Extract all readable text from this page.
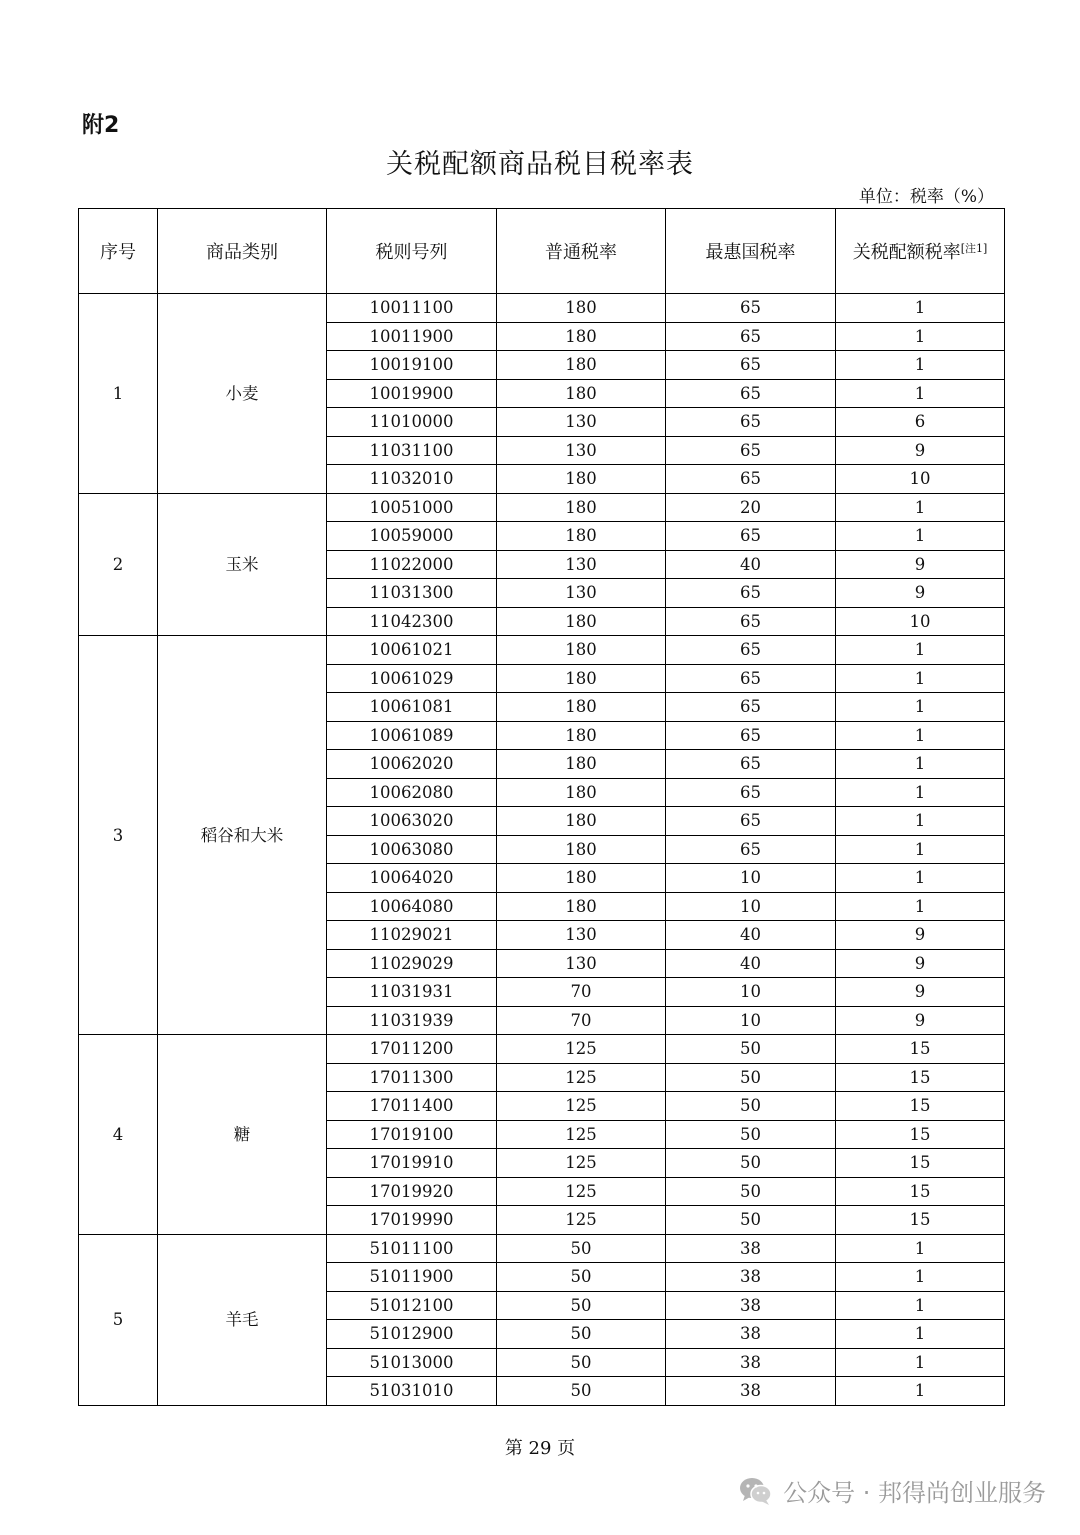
附2
关税配额商品税目税率表
单位：税率（%）
序号	商品类别	税则号列	普通税率	最惠国税率	关税配额税率[注1]
1	小麦	10011100	180	65	1
		10011900	180	65	1
		10019100	180	65	1
		10019900	180	65	1
		11010000	130	65	6
		11031100	130	65	9
		11032010	180	65	10
2	玉米	10051000	180	20	1
		10059000	180	65	1
		11022000	130	40	9
		11031300	130	65	9
		11042300	180	65	10
3	稻谷和大米	10061021	180	65	1
		10061029	180	65	1
		10061081	180	65	1
		10061089	180	65	1
		10062020	180	65	1
		10062080	180	65	1
		10063020	180	65	1
		10063080	180	65	1
		10064020	180	10	1
		10064080	180	10	1
		11029021	130	40	9
		11029029	130	40	9
		11031931	70	10	9
		11031939	70	10	9
4	糖	17011200	125	50	15
		17011300	125	50	15
		17011400	125	50	15
		17019100	125	50	15
		17019910	125	50	15
		17019920	125	50	15
		17019990	125	50	15
5	羊毛	51011100	50	38	1
		51011900	50	38	1
		51012100	50	38	1
		51012900	50	38	1
		51013000	50	38	1
		51031010	50	38	1
第 29 页
公众号 · 邦得尚创业服务
